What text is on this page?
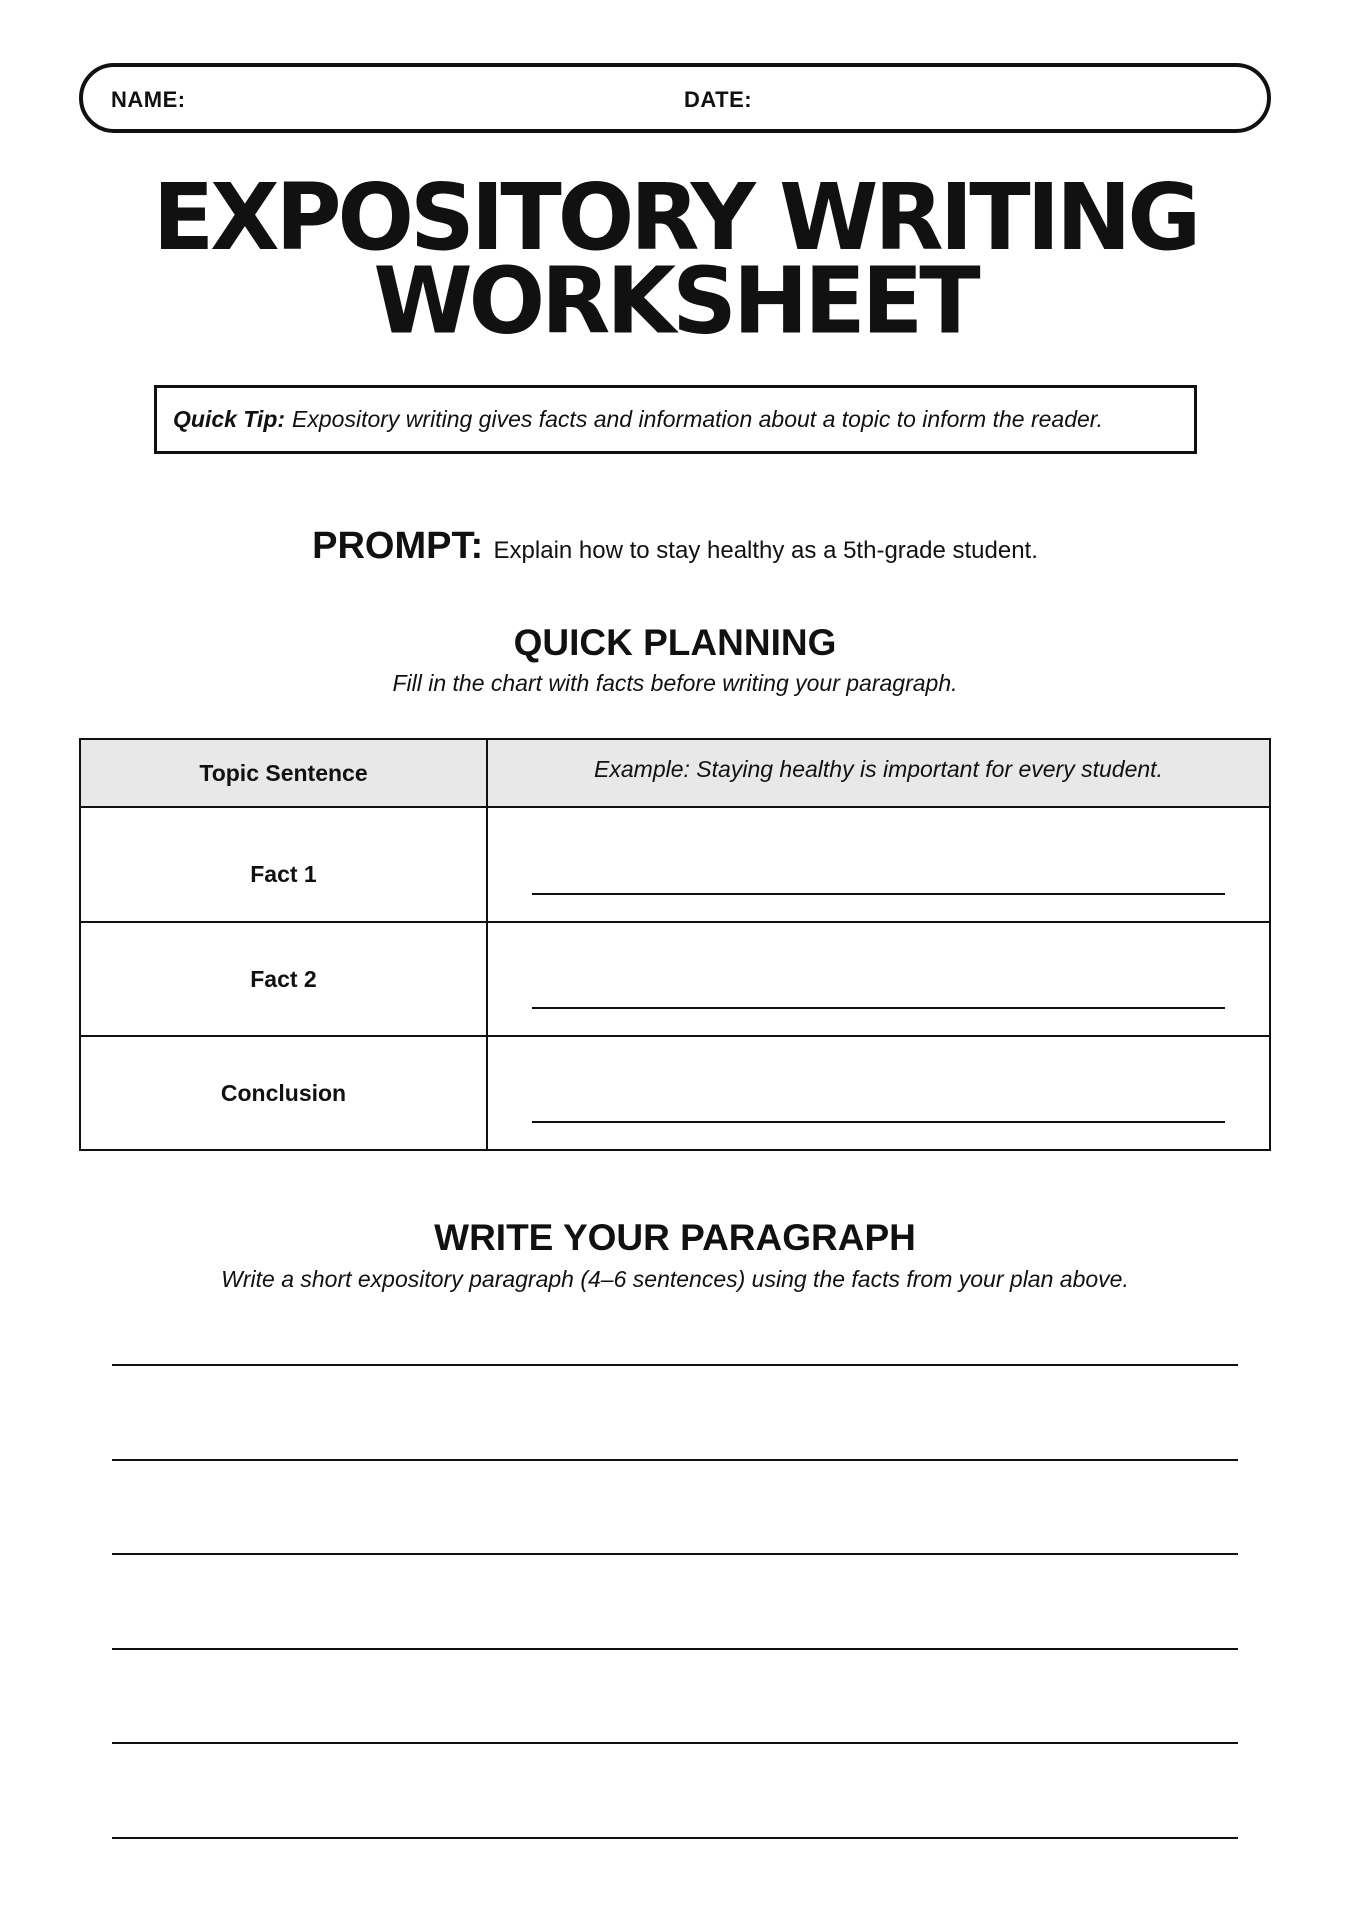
NAME:	DATE:
EXPOSITORY WRITING
WORKSHEET
Quick Tip: Expository writing gives facts and information about a topic to inform the reader.
PROMPT: Explain how to stay healthy as a 5th-grade student.
QUICK PLANNING
Fill in the chart with facts before writing your paragraph.
Topic Sentence	Example: Staying healthy is important for every student.
Fact 1	

Fact 2	

Conclusion	
WRITE YOUR PARAGRAPH
Write a short expository paragraph (4–6 sentences) using the facts from your plan above.
